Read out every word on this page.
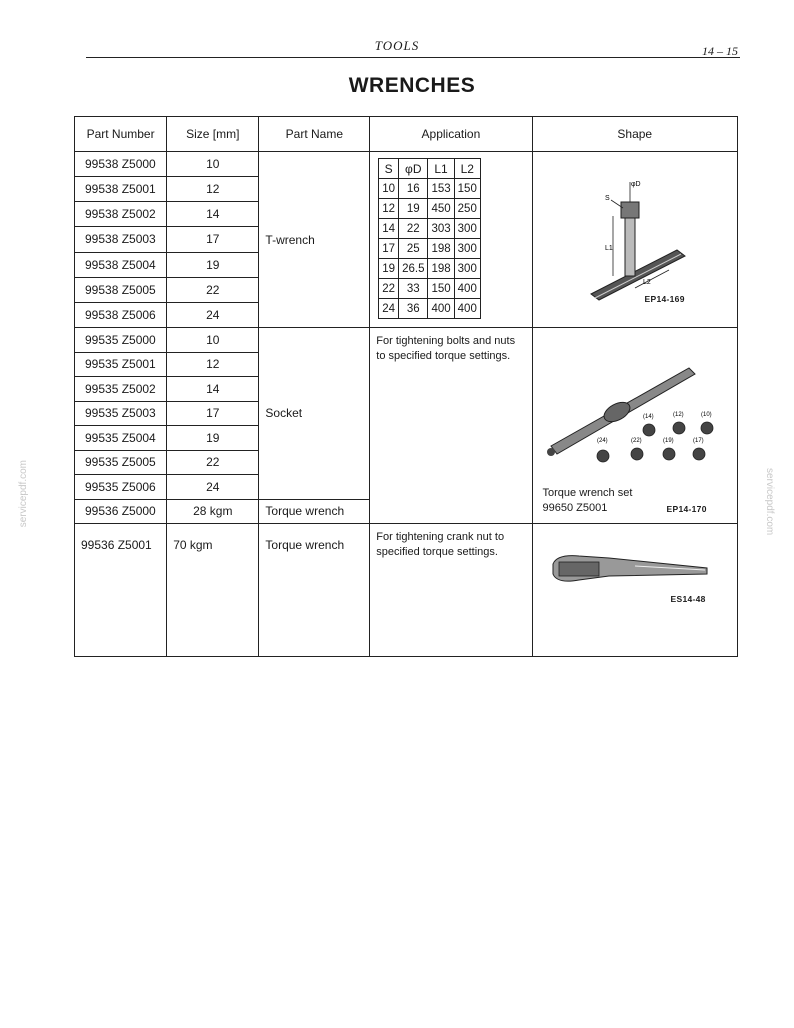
TOOLS	14 – 15
WRENCHES
servicepdf.com	servicepdf.com
Part Number	Size [mm]	Part Name	Application	Shape
99538 Z5000	10	T-wrench	
S	φD	L1	L2
10	16	153	150
12	19	450	250
14	22	303	300
17	25	198	300
19	26.5	198	300
22	33	150	400
24	36	400	400

φD
S
L1
L2
EP14-169

99538 Z5001	12
99538 Z5002	14
99538 Z5003	17
99538 Z5004	19
99538 Z5005	22
99538 Z5006	24
99535 Z5000	10	Socket	
For tightening bolts and nuts to specified torque settings.

(14)	(12)	(10)
(24)	(22)	(19)	(17)
Torque wrench set
99650 Z5001	EP14-170

99535 Z5001	12
99535 Z5002	14
99535 Z5003	17
99535 Z5004	19
99535 Z5005	22
99535 Z5006	24
99536 Z5000	28 kgm	Torque wrench
99536 Z5001	70 kgm	Torque wrench	
For tightening crank nut to specified torque settings.

ES14-48
